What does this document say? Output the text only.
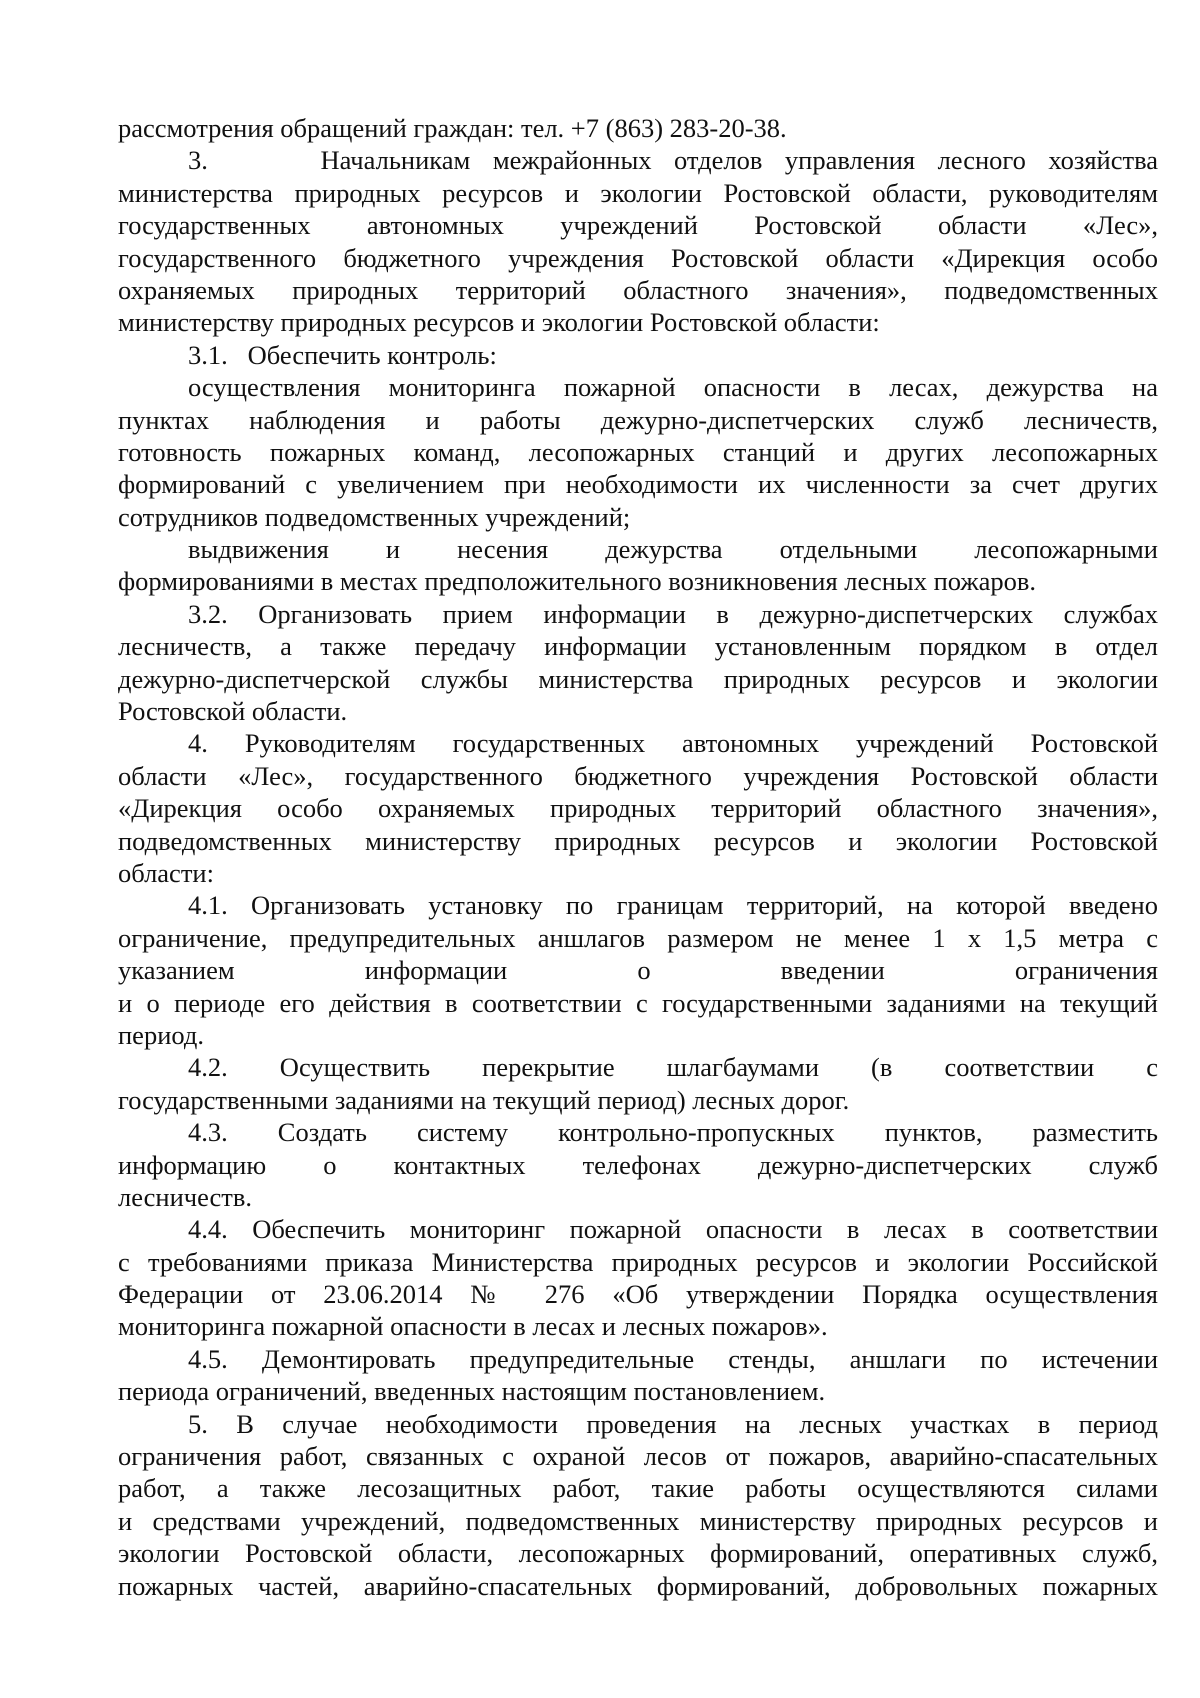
рассмотрения обращений граждан: тел. +7 (863) 283-20-38.
3.     Начальникам межрайонных отделов управления лесного хозяйства
министерства природных ресурсов и экологии Ростовской области, руководителям
государственных автономных учреждений Ростовской области «Лес»,
государственного бюджетного учреждения Ростовской области «Дирекция особо
охраняемых природных территорий областного значения», подведомственных
министерству природных ресурсов и экологии Ростовской области:
3.1.   Обеспечить контроль:
осуществления мониторинга пожарной опасности в лесах, дежурства на
пунктах наблюдения и работы дежурно-диспетчерских служб лесничеств,
готовность пожарных команд, лесопожарных станций и других лесопожарных
формирований с увеличением при необходимости их численности за счет других
сотрудников подведомственных учреждений;
выдвижения и несения дежурства отдельными лесопожарными
формированиями в местах предположительного возникновения лесных пожаров.
3.2. Организовать прием информации в дежурно-диспетчерских службах
лесничеств, а также передачу информации установленным порядком в отдел
дежурно-диспетчерской службы министерства природных ресурсов и экологии
Ростовской области.
4. Руководителям государственных автономных учреждений Ростовской
области «Лес», государственного бюджетного учреждения Ростовской области
«Дирекция особо охраняемых природных территорий областного значения»,
подведомственных министерству природных ресурсов и экологии Ростовской
области:
4.1. Организовать установку по границам территорий, на которой введено
ограничение, предупредительных аншлагов размером не менее 1 х 1,5 метра с
указанием информации о введении ограничения
и о периоде его действия в соответствии с государственными заданиями на текущий
период.
4.2. Осуществить перекрытие шлагбаумами (в соответствии с
государственными заданиями на текущий период) лесных дорог.
4.3. Создать систему контрольно-пропускных пунктов, разместить
информацию о контактных телефонах дежурно-диспетчерских служб
лесничеств.
4.4. Обеспечить мониторинг пожарной опасности в лесах в соответствии
с требованиями приказа Министерства природных ресурсов и экологии Российской
Федерации от 23.06.2014 № 276 «Об утверждении Порядка осуществления
мониторинга пожарной опасности в лесах и лесных пожаров».
4.5. Демонтировать предупредительные стенды, аншлаги по истечении
периода ограничений, введенных настоящим постановлением.
5. В случае необходимости проведения на лесных участках в период
ограничения работ, связанных с охраной лесов от пожаров, аварийно-спасательных
работ, а также лесозащитных работ, такие работы осуществляются силами
и средствами учреждений, подведомственных министерству природных ресурсов и
экологии Ростовской области, лесопожарных формирований, оперативных служб,
пожарных частей, аварийно-спасательных формирований, добровольных пожарных
